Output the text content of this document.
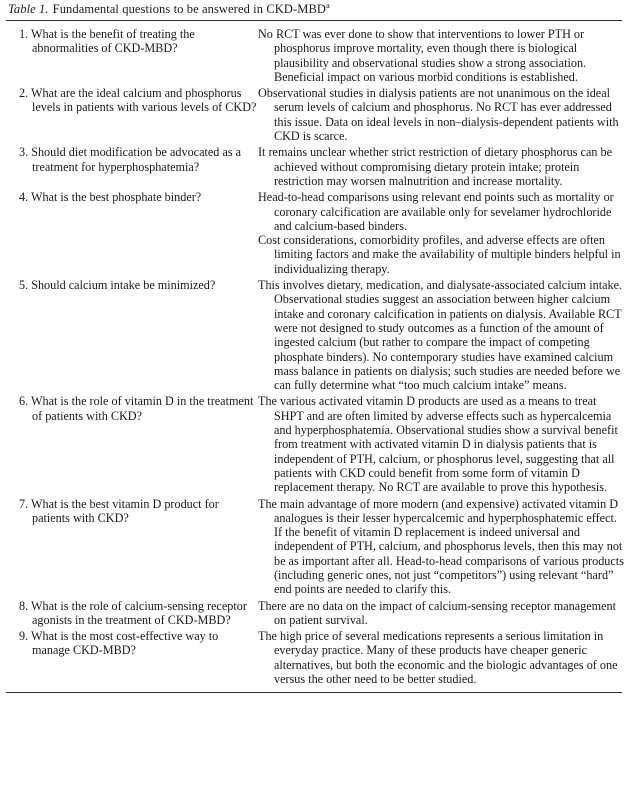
Table 1. Fundamental questions to be answered in CKD-MBD$^a$

1. What is the benefit of treating the abnormalities of CKD-MBD?	No RCT was ever done to show that interventions to lower PTH or phosphorus improve mortality, even though there is biological plausibility and observational studies show a strong association. Beneficial impact on various morbid conditions is established.

2. What are the ideal calcium and phosphorus levels in patients with various levels of CKD?	Observational studies in dialysis patients are not unanimous on the ideal serum levels of calcium and phosphorus. No RCT has ever addressed this issue. Data on ideal levels in non–dialysis-dependent patients with CKD is scarce.

3. Should diet modification be advocated as a treatment for hyperphosphatemia?	It remains unclear whether strict restriction of dietary phosphorus can be achieved without compromising dietary protein intake; protein restriction may worsen malnutrition and increase mortality.

4. What is the best phosphate binder?	Head-to-head comparisons using relevant end points such as mortality or coronary calcification are available only for sevelamer hydrochloride and calcium-based binders.

Cost considerations, comorbidity profiles, and adverse effects are often limiting factors and make the availability of multiple binders helpful in individualizing therapy.

5. Should calcium intake be minimized?	This involves dietary, medication, and dialysate-associated calcium intake. Observational studies suggest an association between higher calcium intake and coronary calcification in patients on dialysis. Available RCT were not designed to study outcomes as a function of the amount of ingested calcium (but rather to compare the impact of competing phosphate binders). No contemporary studies have examined calcium mass balance in patients on dialysis; such studies are needed before we can fully determine what “too much calcium intake” means.

6. What is the role of vitamin D in the treatment of patients with CKD?	The various activated vitamin D products are used as a means to treat SHPT and are often limited by adverse effects such as hypercalcemia and hyperphosphatemia. Observational studies show a survival benefit from treatment with activated vitamin D in dialysis patients that is independent of PTH, calcium, or phosphorus level, suggesting that all patients with CKD could benefit from some form of vitamin D replacement therapy. No RCT are available to prove this hypothesis.

7. What is the best vitamin D product for patients with CKD?	The main advantage of more modern (and expensive) activated vitamin D analogues is their lesser hypercalcemic and hyperphosphatemic effect. If the benefit of vitamin D replacement is indeed universal and independent of PTH, calcium, and phosphorus levels, then this may not be as important after all. Head-to-head comparisons of various products (including generic ones, not just “competitors”) using relevant “hard” end points are needed to clarify this.

8. What is the role of calcium-sensing receptor agonists in the treatment of CKD-MBD?	There are no data on the impact of calcium-sensing receptor management on patient survival.

9. What is the most cost-effective way to manage CKD-MBD?	The high price of several medications represents a serious limitation in everyday practice. Many of these products have cheaper generic alternatives, but both the economic and the biologic advantages of one versus the other need to be better studied.
